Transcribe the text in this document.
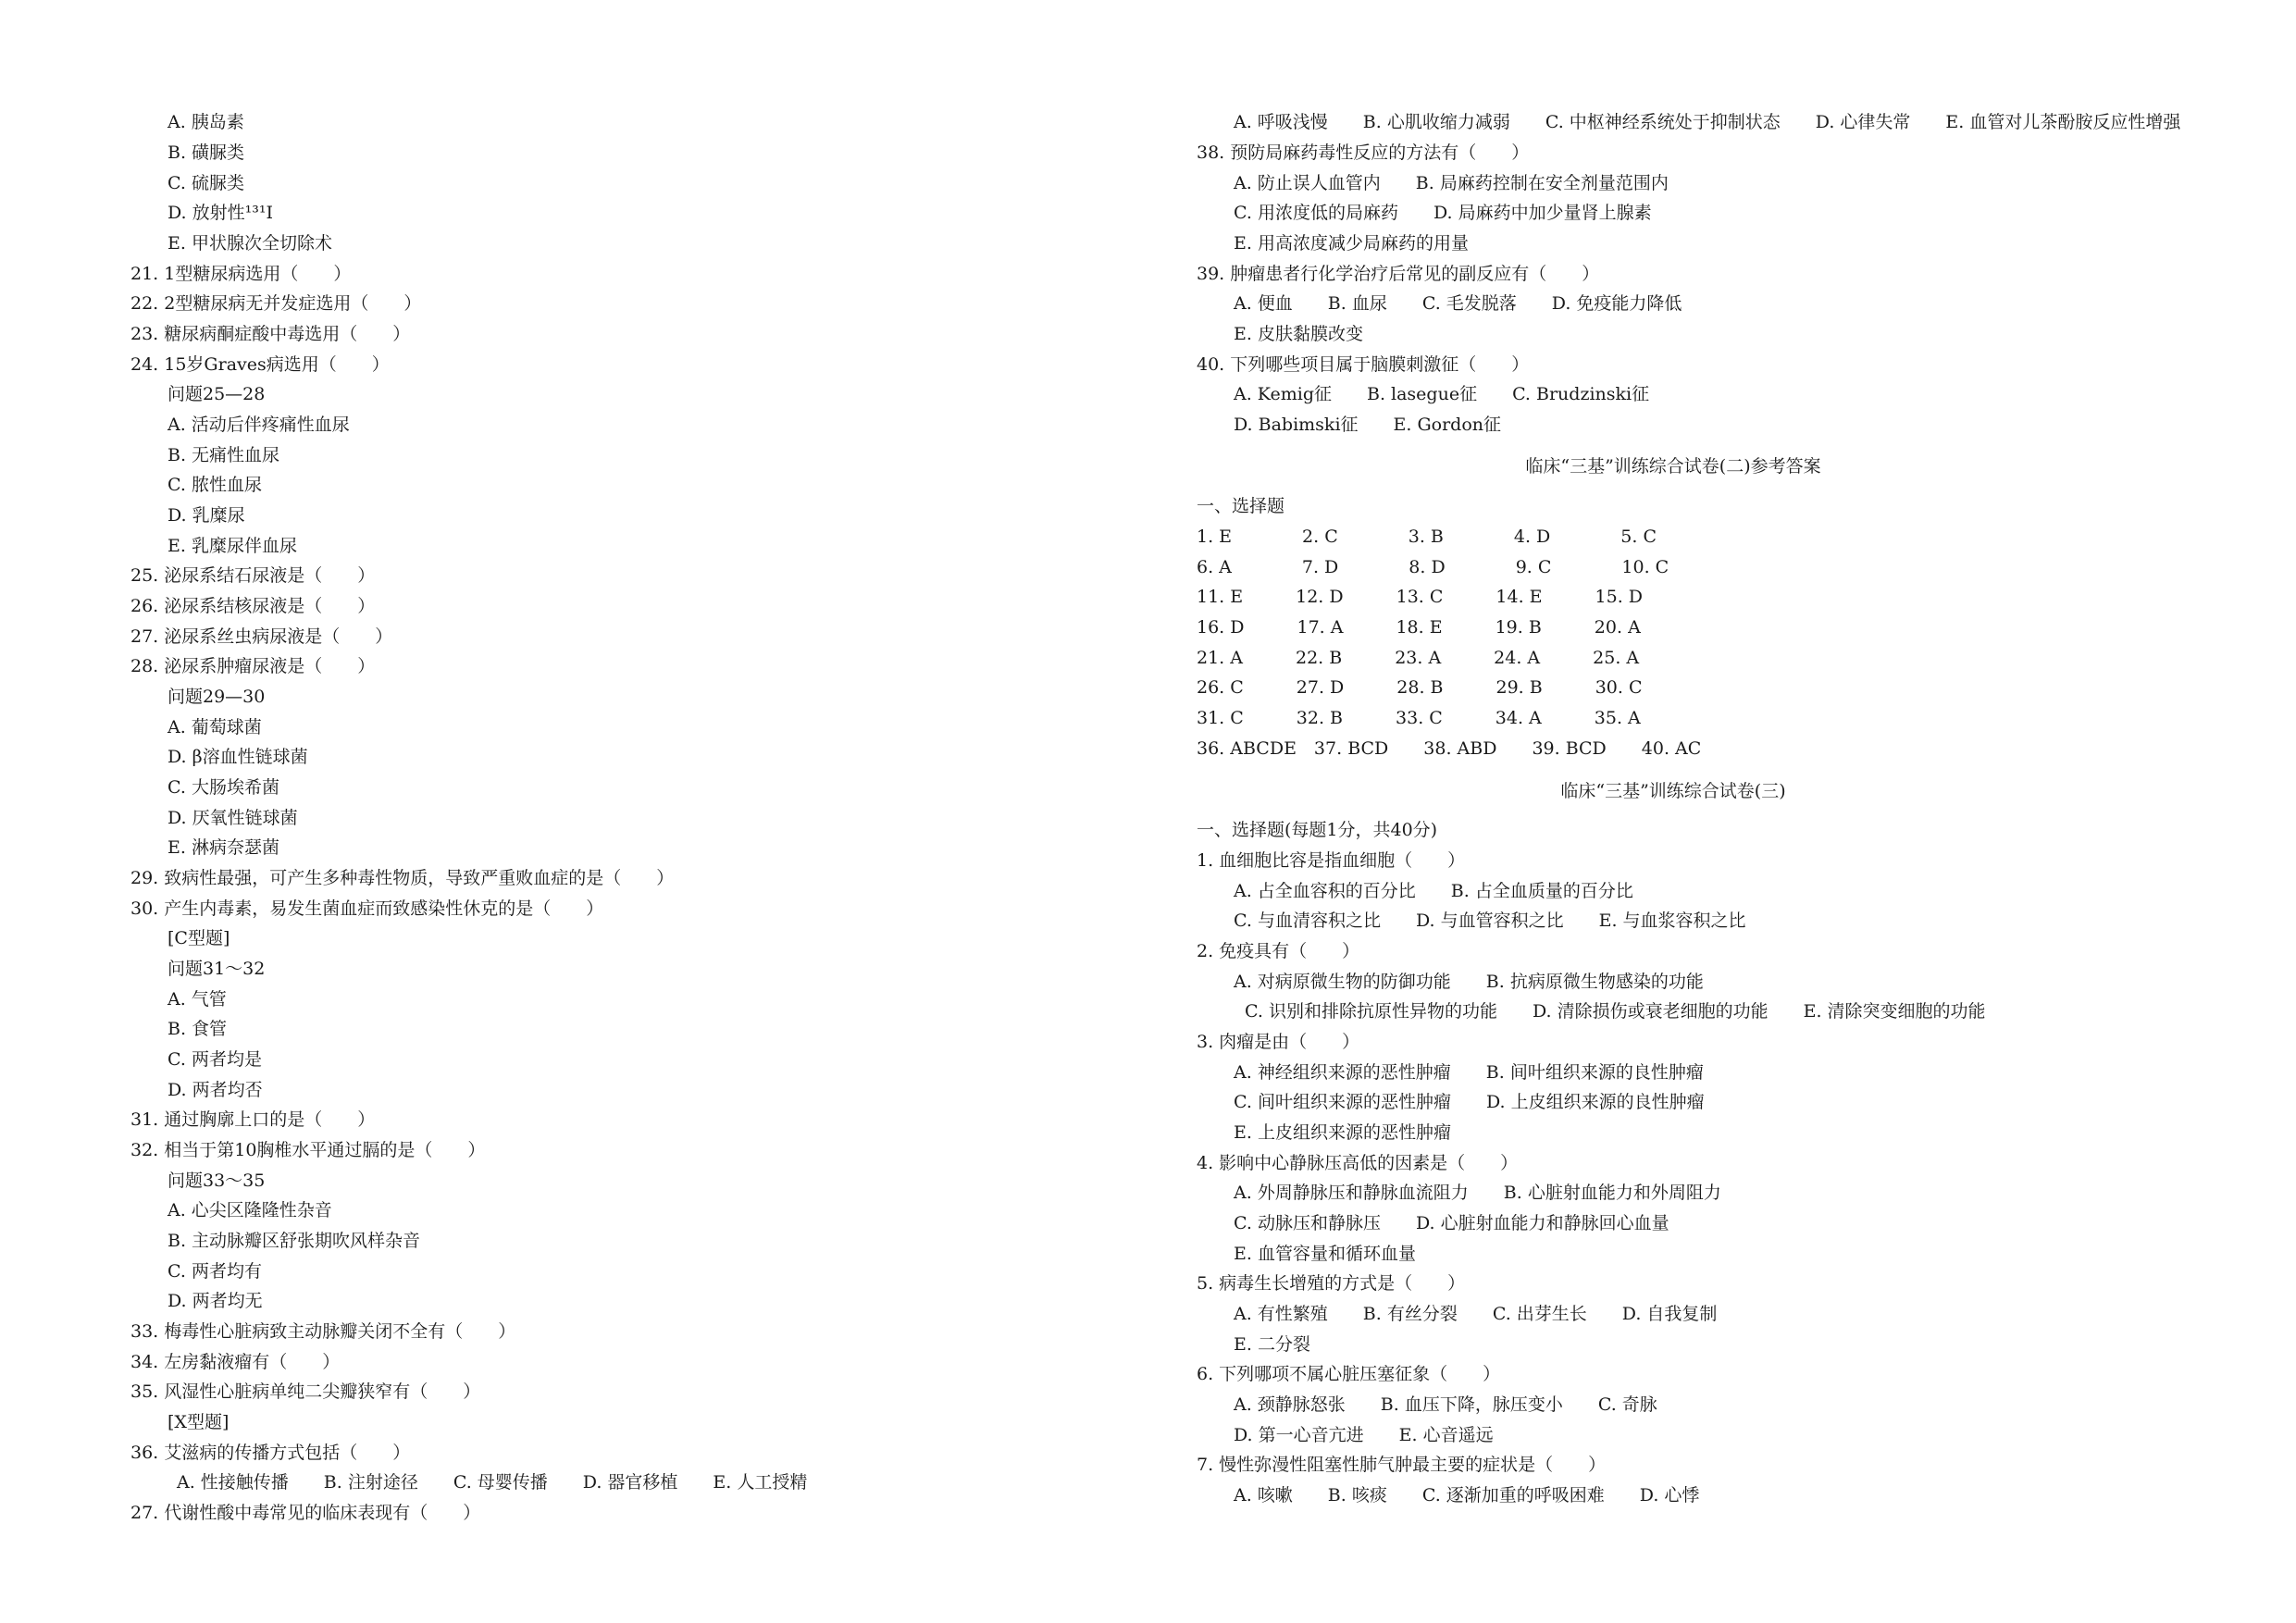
A. 胰岛素
B. 磺脲类
C. 硫脲类
D. 放射性¹³¹I
E. 甲状腺次全切除术
21. 1型糖尿病选用（　　）
22. 2型糖尿病无并发症选用（　　）
23. 糖尿病酮症酸中毒选用（　　）
24. 15岁Graves病选用（　　）
问题25—28
A. 活动后伴疼痛性血尿
B. 无痛性血尿
C. 脓性血尿
D. 乳糜尿
E. 乳糜尿伴血尿
25. 泌尿系结石尿液是（　　）
26. 泌尿系结核尿液是（　　）
27. 泌尿系丝虫病尿液是（　　）
28. 泌尿系肿瘤尿液是（　　）
问题29—30
A. 葡萄球菌
D. β溶血性链球菌
C. 大肠埃希菌
D. 厌氧性链球菌
E. 淋病奈瑟菌
29. 致病性最强，可产生多种毒性物质，导致严重败血症的是（　　）
30. 产生内毒素，易发生菌血症而致感染性休克的是（　　）
[C型题]
问题31～32
A. 气管
B. 食管
C. 两者均是
D. 两者均否
31. 通过胸廓上口的是（　　）
32. 相当于第10胸椎水平通过膈的是（　　）
问题33～35
A. 心尖区隆隆性杂音
B. 主动脉瓣区舒张期吹风样杂音
C. 两者均有
D. 两者均无
33. 梅毒性心脏病致主动脉瓣关闭不全有（　　）
34. 左房黏液瘤有（　　）
35. 风湿性心脏病单纯二尖瓣狭窄有（　　）
[X型题]
36. 艾滋病的传播方式包括（　　）
A. 性接触传播　　B. 注射途径　　C. 母婴传播　　D. 器官移植　　E. 人工授精
27. 代谢性酸中毒常见的临床表现有（　　）
A. 呼吸浅慢　　B. 心肌收缩力减弱　　C. 中枢神经系统处于抑制状态　　D. 心律失常　　E. 血管对儿茶酚胺反应性增强
38. 预防局麻药毒性反应的方法有（　　）
A. 防止误人血管内　　B. 局麻药控制在安全剂量范围内
C. 用浓度低的局麻药　　D. 局麻药中加少量肾上腺素
E. 用高浓度减少局麻药的用量
39. 肿瘤患者行化学治疗后常见的副反应有（　　）
A. 便血　　B. 血尿　　C. 毛发脱落　　D. 免疫能力降低
E. 皮肤黏膜改变
40. 下列哪些项目属于脑膜刺激征（　　）
A. Kemig征　　B. lasegue征　　C. Brudzinski征
D. Babimski征　　E. Gordon征
临床“三基”训练综合试卷(二)参考答案
一、选择题
1. E　　　　2. C　　　　3. B　　　　4. D　　　　5. C
6. A　　　　7. D　　　　8. D　　　　9. C　　　　10. C
11. E　　　12. D　　　13. C　　　14. E　　　15. D
16. D　　　17. A　　　18. E　　　19. B　　　20. A
21. A　　　22. B　　　23. A　　　24. A　　　25. A
26. C　　　27. D　　　28. B　　　29. B　　　30. C
31. C　　　32. B　　　33. C　　　34. A　　　35. A
36. ABCDE　37. BCD　　38. ABD　　39. BCD　　40. AC
临床“三基”训练综合试卷(三)
一、选择题(每题1分，共40分)
1. 血细胞比容是指血细胞（　　）
A. 占全血容积的百分比　　B. 占全血质量的百分比
C. 与血清容积之比　　D. 与血管容积之比　　E. 与血浆容积之比
2. 免疫具有（　　）
A. 对病原微生物的防御功能　　B. 抗病原微生物感染的功能
C. 识别和排除抗原性异物的功能　　D. 清除损伤或衰老细胞的功能　　E. 清除突变细胞的功能
3. 肉瘤是由（　　）
A. 神经组织来源的恶性肿瘤　　B. 间叶组织来源的良性肿瘤
C. 间叶组织来源的恶性肿瘤　　D. 上皮组织来源的良性肿瘤
E. 上皮组织来源的恶性肿瘤
4. 影响中心静脉压高低的因素是（　　）
A. 外周静脉压和静脉血流阻力　　B. 心脏射血能力和外周阻力
C. 动脉压和静脉压　　D. 心脏射血能力和静脉回心血量
E. 血管容量和循环血量
5. 病毒生长增殖的方式是（　　）
A. 有性繁殖　　B. 有丝分裂　　C. 出芽生长　　D. 自我复制
E. 二分裂
6. 下列哪项不属心脏压塞征象（　　）
A. 颈静脉怒张　　B. 血压下降，脉压变小　　C. 奇脉
D. 第一心音亢进　　E. 心音遥远
7. 慢性弥漫性阻塞性肺气肿最主要的症状是（　　）
A. 咳嗽　　B. 咳痰　　C. 逐渐加重的呼吸困难　　D. 心悸
